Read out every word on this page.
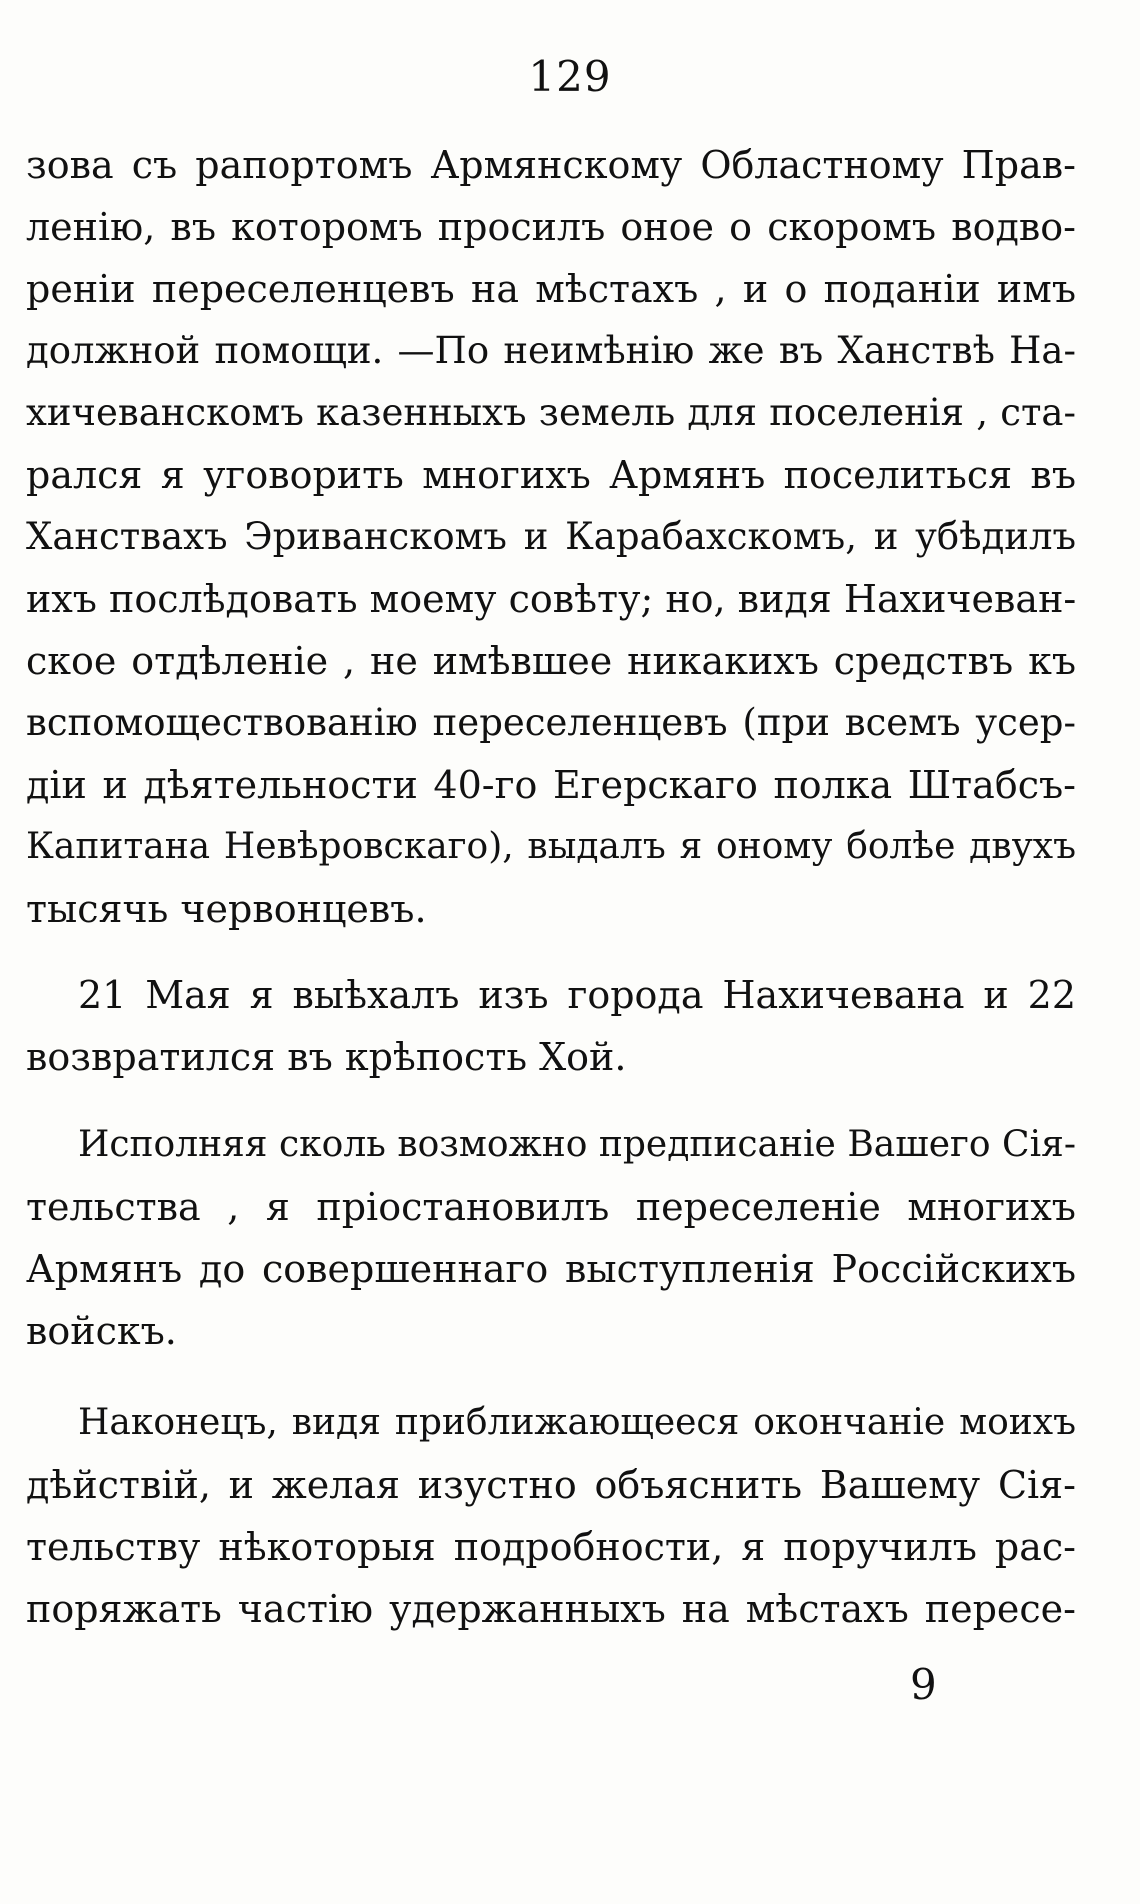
129
зова съ рапортомъ Армянскому Областному Прав-
ленію, въ которомъ просилъ оное о скоромъ водво-
реніи переселенцевъ на мѣстахъ , и о поданіи имъ
должной помощи. —По неимѣнію же въ Ханствѣ На-
хичеванскомъ казенныхъ земель для поселенія , ста-
рался я уговорить многихъ Армянъ поселиться въ
Ханствахъ Эриванскомъ и Карабахскомъ, и убѣдилъ
ихъ послѣдовать моему совѣту; но, видя Нахичеван-
ское отдѣленіе , не имѣвшее никакихъ средствъ къ
вспомоществованію переселенцевъ (при всемъ усер-
діи и дѣятельности 40-го Егерскаго полка Штабсъ-
Капитана Невѣровскаго), выдалъ я оному болѣе двухъ
тысячь червонцевъ.
21 Мая я выѣхалъ изъ города Нахичевана и 22
возвратился въ крѣпость Хой.
Исполняя сколь возможно предписаніе Вашего Сія-
тельства , я пріостановилъ переселеніе многихъ
Армянъ до совершеннаго выступленія Россійскихъ
войскъ.
Наконецъ, видя приближающееся окончаніе моихъ
дѣйствій, и желая изустно объяснить Вашему Сія-
тельству нѣкоторыя подробности, я поручилъ рас-
поряжать частію удержанныхъ на мѣстахъ пересе-
9
